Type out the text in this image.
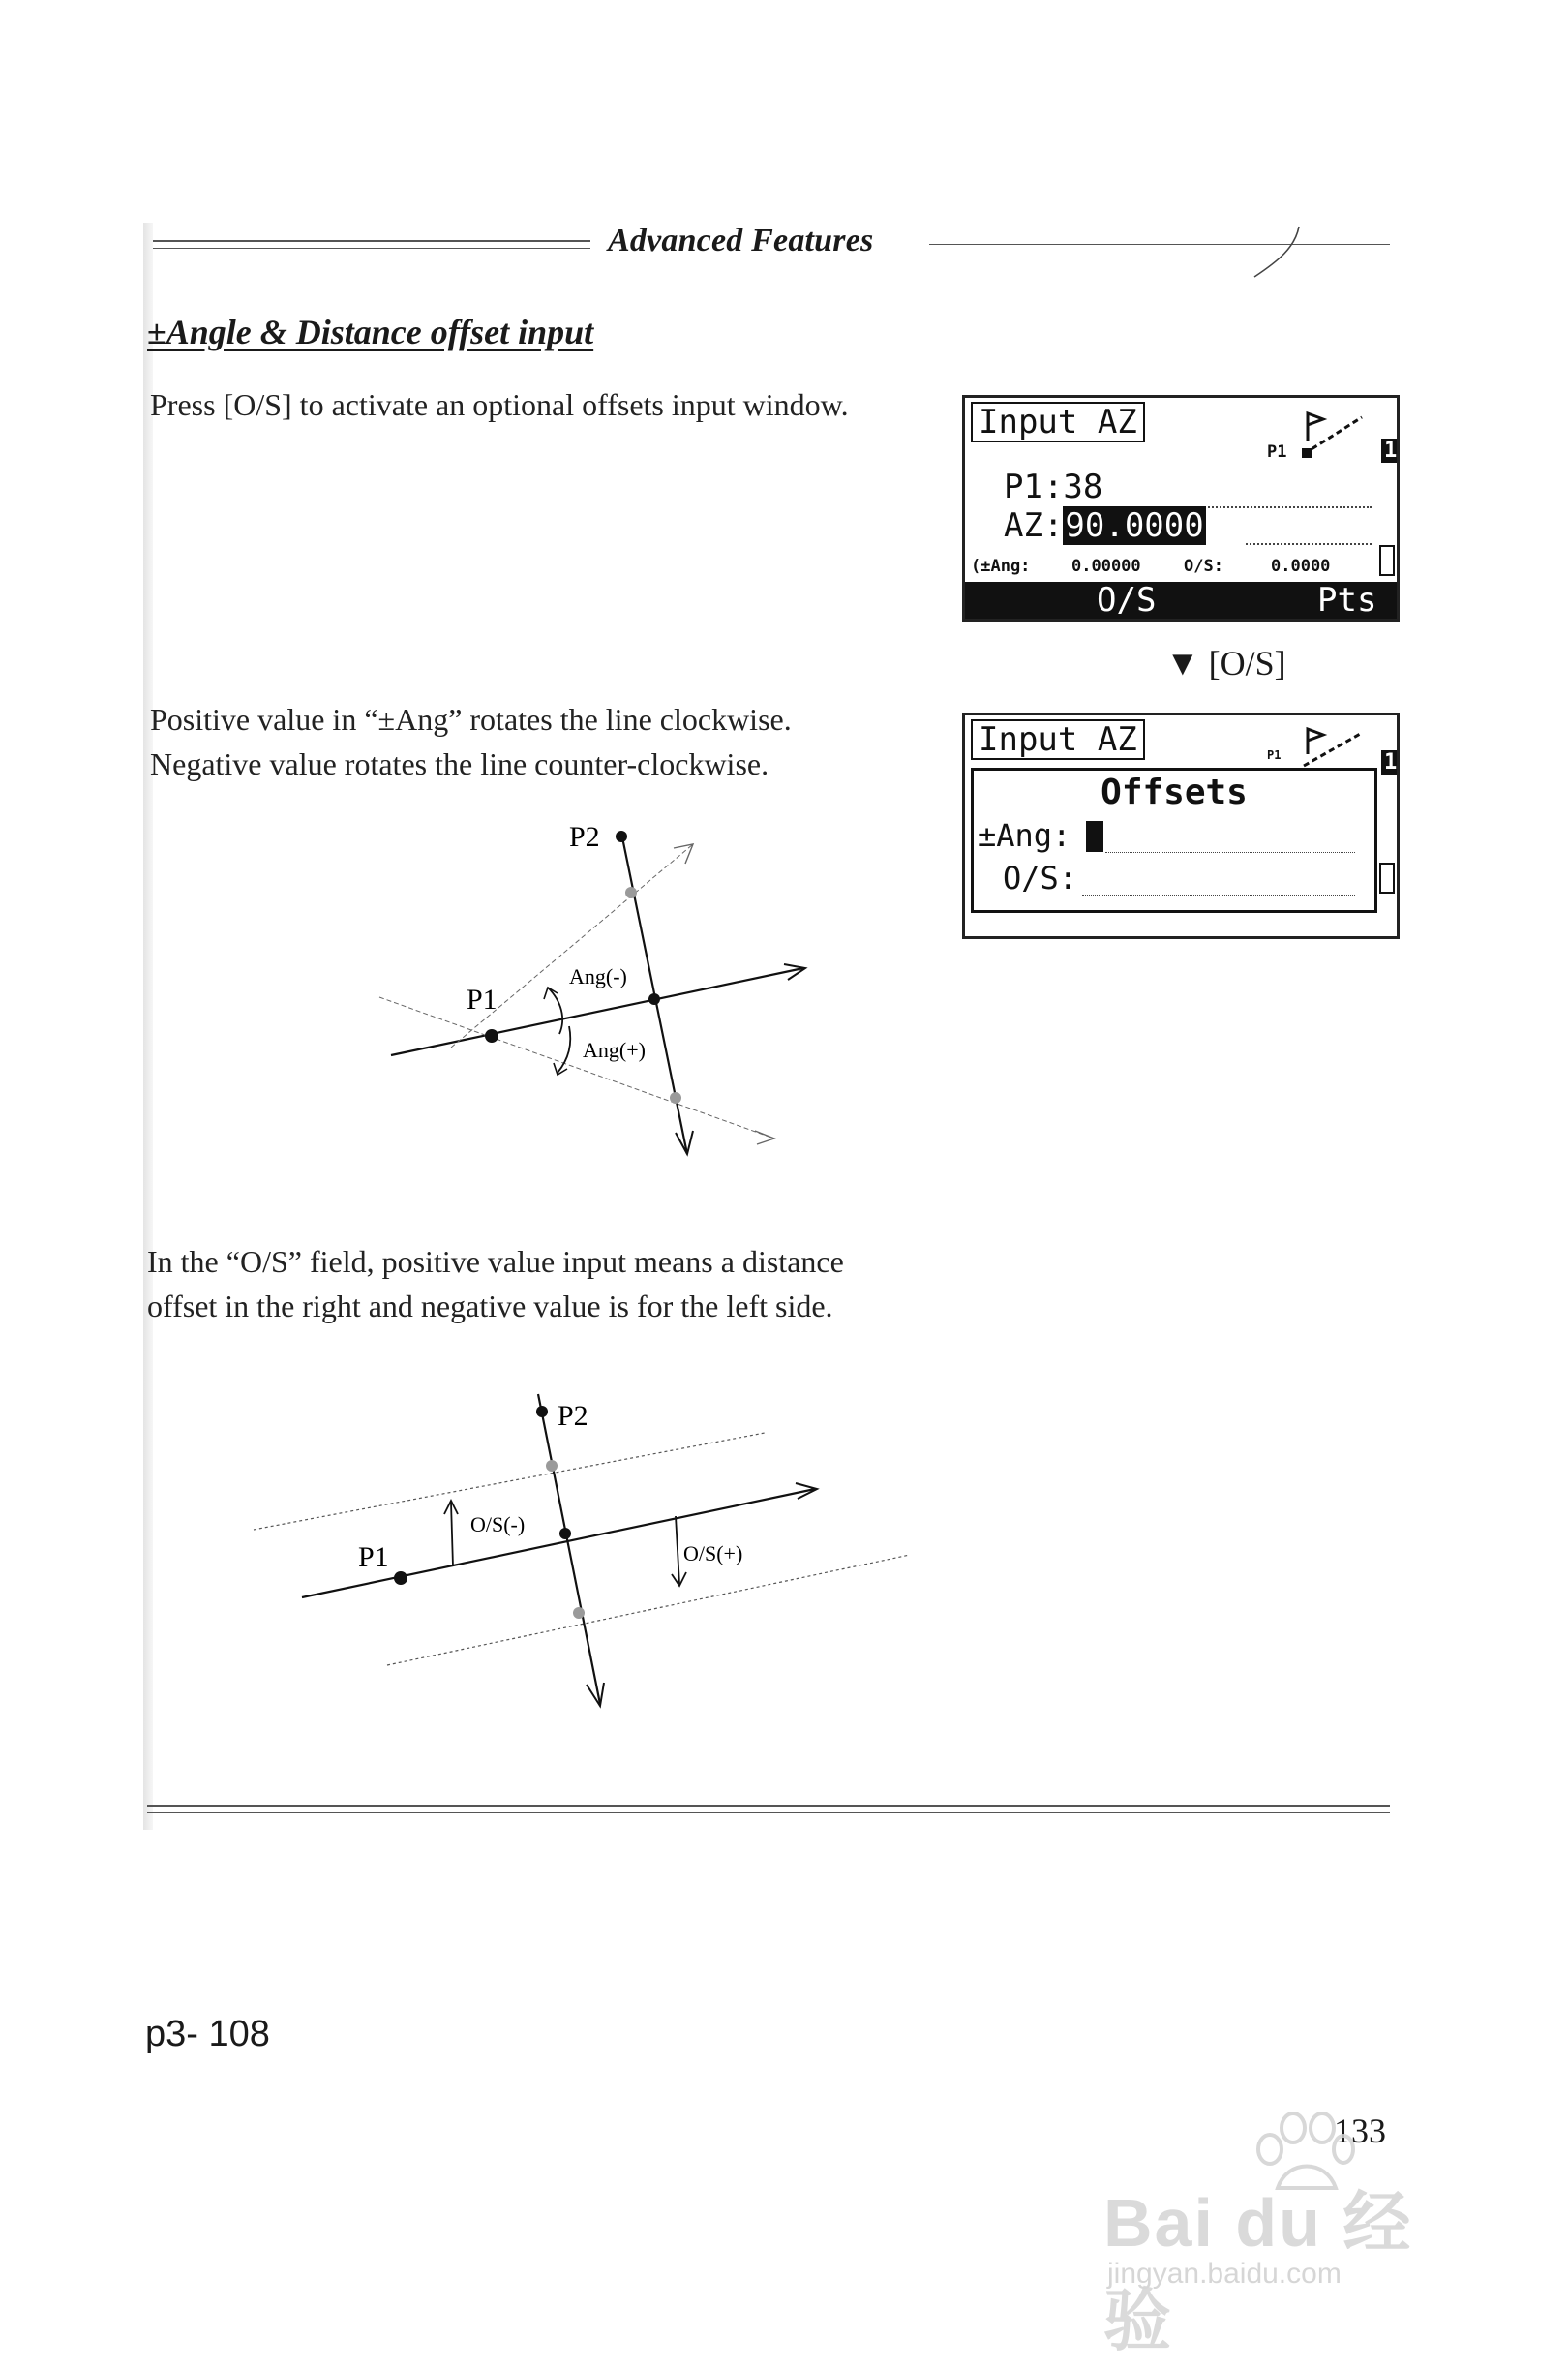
Advanced Features
±Angle & Distance offset input
Press [O/S] to activate an optional offsets input window.	Input AZ
P1	1
P1:38
AZ:90.0000
(±Ang:	0.00000	O/S:	0.0000
O/S	Pts
▼ [O/S]
Positive value in “±Ang” rotates the line clockwise.
Negative value rotates the line counter-clockwise.
Input AZ	P1	1
Offsets
±Ang:
O/S:
P2
P1
Ang(-)
Ang(+)
In the “O/S” field, positive value input means a distance offset in the right and negative value is for the left side.
P2
P1
O/S(-)
O/S(+)
p3- 108
133
Bai du 经验
jingyan.baidu.com
